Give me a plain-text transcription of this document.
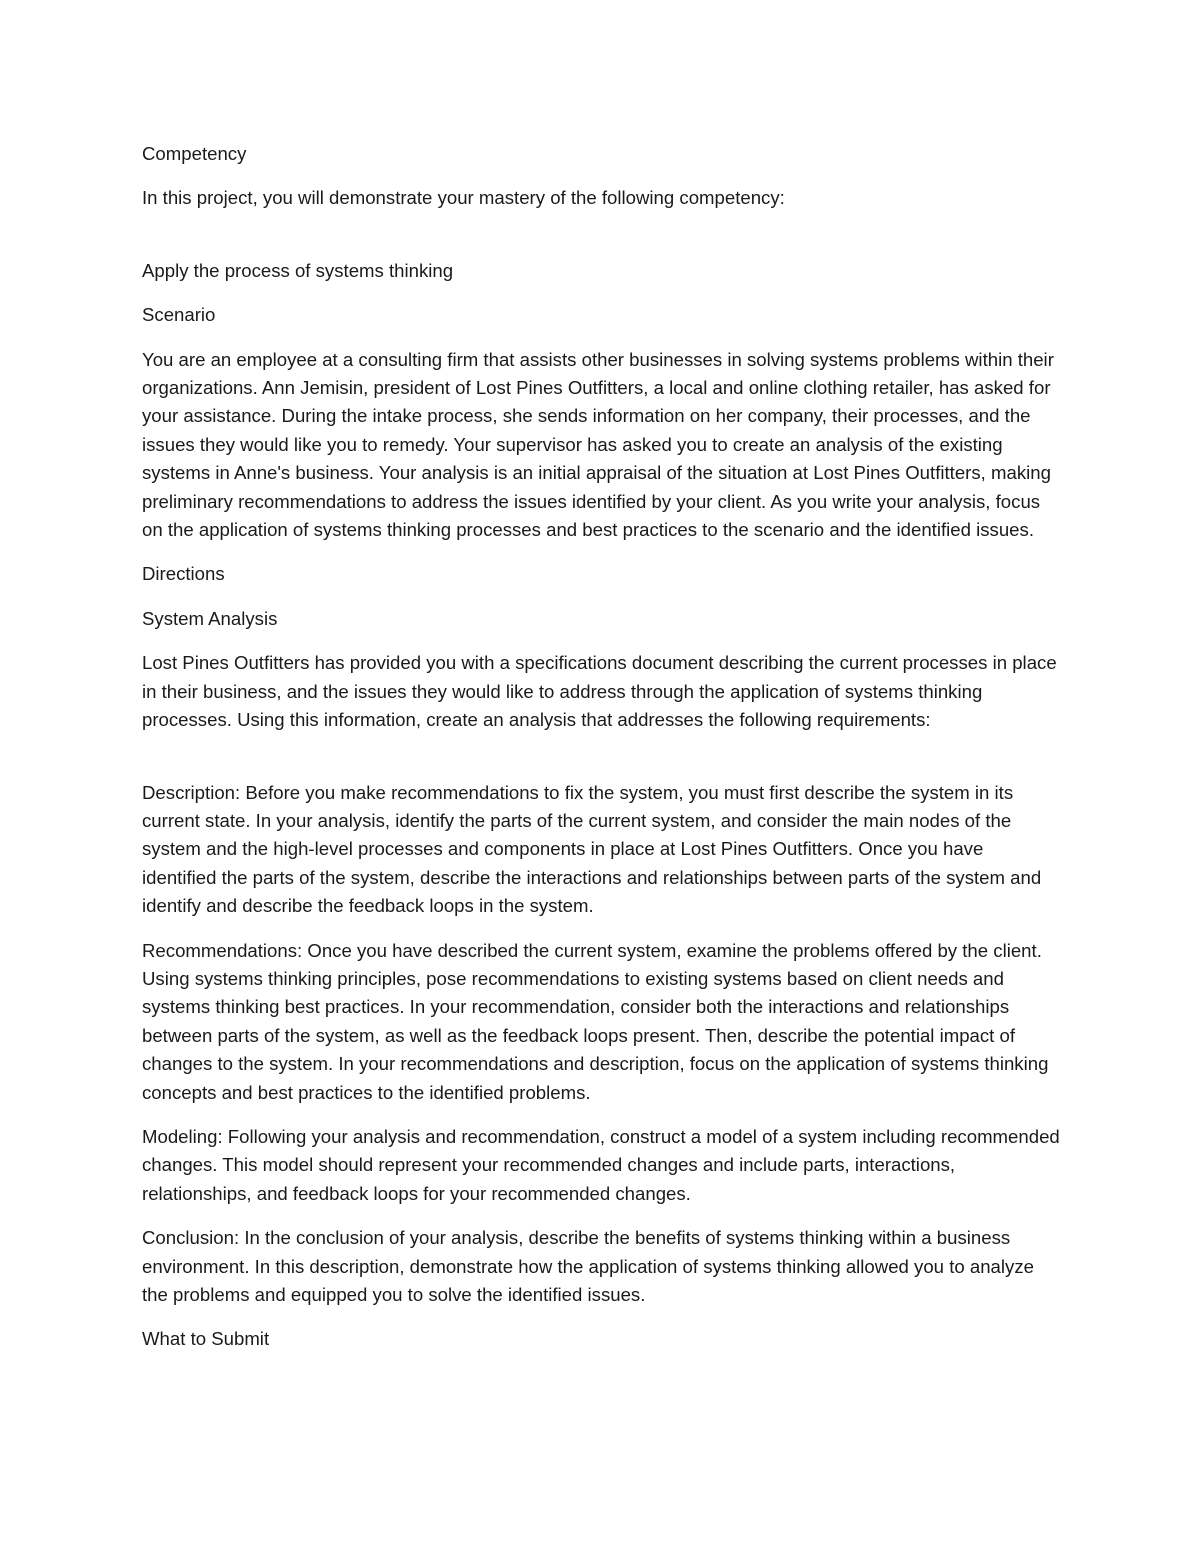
Competency

In this project, you will demonstrate your mastery of the following competency:

Apply the process of systems thinking

Scenario

You are an employee at a consulting firm that assists other businesses in solving systems problems within their organizations. Ann Jemisin, president of Lost Pines Outfitters, a local and online clothing retailer, has asked for your assistance. During the intake process, she sends information on her company, their processes, and the issues they would like you to remedy. Your supervisor has asked you to create an analysis of the existing systems in Anne's business. Your analysis is an initial appraisal of the situation at Lost Pines Outfitters, making preliminary recommendations to address the issues identified by your client. As you write your analysis, focus on the application of systems thinking processes and best practices to the scenario and the identified issues.

Directions

System Analysis

Lost Pines Outfitters has provided you with a specifications document describing the current processes in place in their business, and the issues they would like to address through the application of systems thinking processes. Using this information, create an analysis that addresses the following requirements:

Description: Before you make recommendations to fix the system, you must first describe the system in its current state. In your analysis, identify the parts of the current system, and consider the main nodes of the system and the high-level processes and components in place at Lost Pines Outfitters. Once you have identified the parts of the system, describe the interactions and relationships between parts of the system and identify and describe the feedback loops in the system.

Recommendations: Once you have described the current system, examine the problems offered by the client. Using systems thinking principles, pose recommendations to existing systems based on client needs and systems thinking best practices. In your recommendation, consider both the interactions and relationships between parts of the system, as well as the feedback loops present. Then, describe the potential impact of changes to the system. In your recommendations and description, focus on the application of systems thinking concepts and best practices to the identified problems.

Modeling: Following your analysis and recommendation, construct a model of a system including recommended changes. This model should represent your recommended changes and include parts, interactions, relationships, and feedback loops for your recommended changes.

Conclusion: In the conclusion of your analysis, describe the benefits of systems thinking within a business environment. In this description, demonstrate how the application of systems thinking allowed you to analyze the problems and equipped you to solve the identified issues.

What to Submit
